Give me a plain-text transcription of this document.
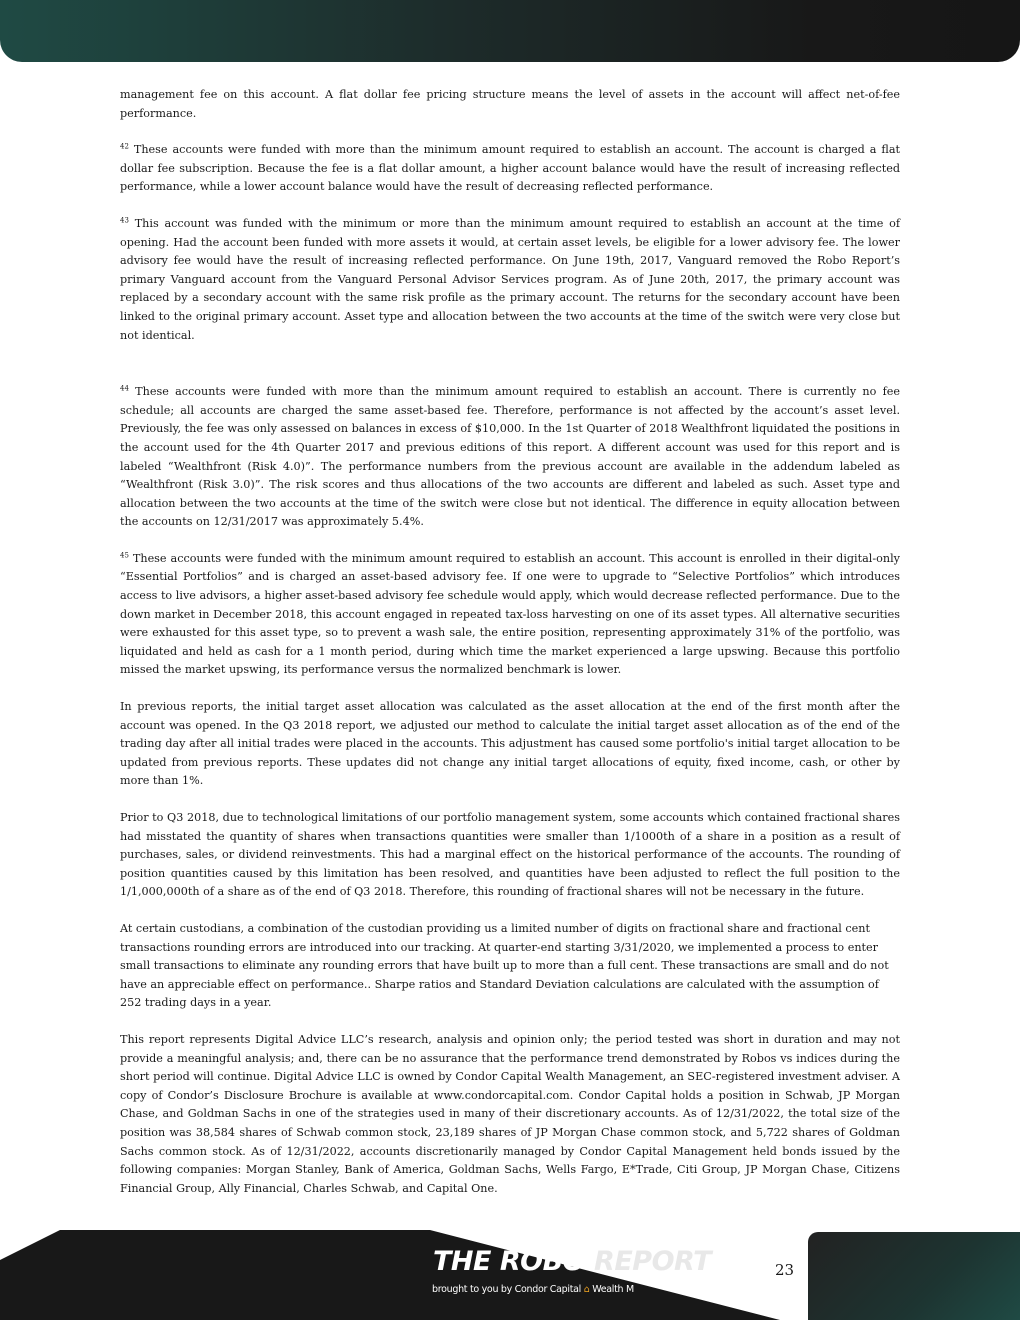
management fee on this account. A flat dollar fee pricing structure means the level of assets in the account will affect net-of-fee performance.

$^{42}$ These accounts were funded with more than the minimum amount required to establish an account. The account is charged a flat dollar fee subscription. Because the fee is a flat dollar amount, a higher account balance would have the result of increasing reflected performance, while a lower account balance would have the result of decreasing reflected performance.

$^{43}$ This account was funded with the minimum or more than the minimum amount required to establish an account at the time of opening. Had the account been funded with more assets it would, at certain asset levels, be eligible for a lower advisory fee. The lower advisory fee would have the result of increasing reflected performance. On June 19th, 2017, Vanguard removed the Robo Report’s primary Vanguard account from the Vanguard Personal Advisor Services program. As of June 20th, 2017, the primary account was replaced by a secondary account with the same risk profile as the primary account. The returns for the secondary account have been linked to the original primary account. Asset type and allocation between the two accounts at the time of the switch were very close but not identical.

$^{44}$ These accounts were funded with more than the minimum amount required to establish an account. There is currently no fee schedule; all accounts are charged the same asset-based fee. Therefore, performance is not affected by the account’s asset level. Previously, the fee was only assessed on balances in excess of $10,000. In the 1st Quarter of 2018 Wealthfront liquidated the positions in the account used for the 4th Quarter 2017 and previous editions of this report. A different account was used for this report and is labeled “Wealthfront (Risk 4.0)”. The performance numbers from the previous account are available in the addendum labeled as “Wealthfront (Risk 3.0)”. The risk scores and thus allocations of the two accounts are different and labeled as such. Asset type and allocation between the two accounts at the time of the switch were close but not identical. The difference in equity allocation between the accounts on 12/31/2017 was approximately 5.4%.

$^{45}$ These accounts were funded with the minimum amount required to establish an account. This account is enrolled in their digital-only “Essential Portfolios” and is charged an asset-based advisory fee. If one were to upgrade to “Selective Portfolios” which introduces access to live advisors, a higher asset-based advisory fee schedule would apply, which would decrease reflected performance. Due to the down market in December 2018, this account engaged in repeated tax-loss harvesting on one of its asset types. All alternative securities were exhausted for this asset type, so to prevent a wash sale, the entire position, representing approximately 31% of the portfolio, was liquidated and held as cash for a 1 month period, during which time the market experienced a large upswing. Because this portfolio missed the market upswing, its performance versus the normalized benchmark is lower.

In previous reports, the initial target asset allocation was calculated as the asset allocation at the end of the first month after the account was opened. In the Q3 2018 report, we adjusted our method to calculate the initial target asset allocation as of the end of the trading day after all initial trades were placed in the accounts. This adjustment has caused some portfolio's initial target allocation to be updated from previous reports. These updates did not change any initial target allocations of equity, fixed income, cash, or other by more than 1%.

Prior to Q3 2018, due to technological limitations of our portfolio management system, some accounts which contained fractional shares had misstated the quantity of shares when transactions quantities were smaller than 1/1000th of a share in a position as a result of purchases, sales, or dividend reinvestments. This had a marginal effect on the historical performance of the accounts. The rounding of position quantities caused by this limitation has been resolved, and quantities have been adjusted to reflect the full position to the 1/1,000,000th of a share as of the end of Q3 2018. Therefore, this rounding of fractional shares will not be necessary in the future.

At certain custodians, a combination of the custodian providing us a limited number of digits on fractional share and fractional cent transactions rounding errors are introduced into our tracking. At quarter-end starting 3/31/2020, we implemented a process to enter small transactions to eliminate any rounding errors that have built up to more than a full cent. These transactions are small and do not have an appreciable effect on performance.. Sharpe ratios and Standard Deviation calculations are calculated with the assumption of 252 trading days in a year.

This report represents Digital Advice LLC’s research, analysis and opinion only; the period tested was short in duration and may not provide a meaningful analysis; and, there can be no assurance that the performance trend demonstrated by Robos vs indices during the short period will continue. Digital Advice LLC is owned by Condor Capital Wealth Management, an SEC-registered investment adviser. A copy of Condor’s Disclosure Brochure is available at www.condorcapital.com. Condor Capital holds a position in Schwab, JP Morgan Chase, and Goldman Sachs in one of the strategies used in many of their discretionary accounts. As of 12/31/2022, the total size of the position was 38,584 shares of Schwab common stock, 23,189 shares of JP Morgan Chase common stock, and 5,722 shares of Goldman Sachs common stock. As of 12/31/2022, accounts discretionarily managed by Condor Capital Management held bonds issued by the following companies: Morgan Stanley, Bank of America, Goldman Sachs, Wells Fargo, E*Trade, Citi Group, JP Morgan Chase, Citizens Financial Group, Ally Financial, Charles Schwab, and Capital One.

THE ROBO REPORT
brought to you by Condor Capital ⌂ Wealth M
23
